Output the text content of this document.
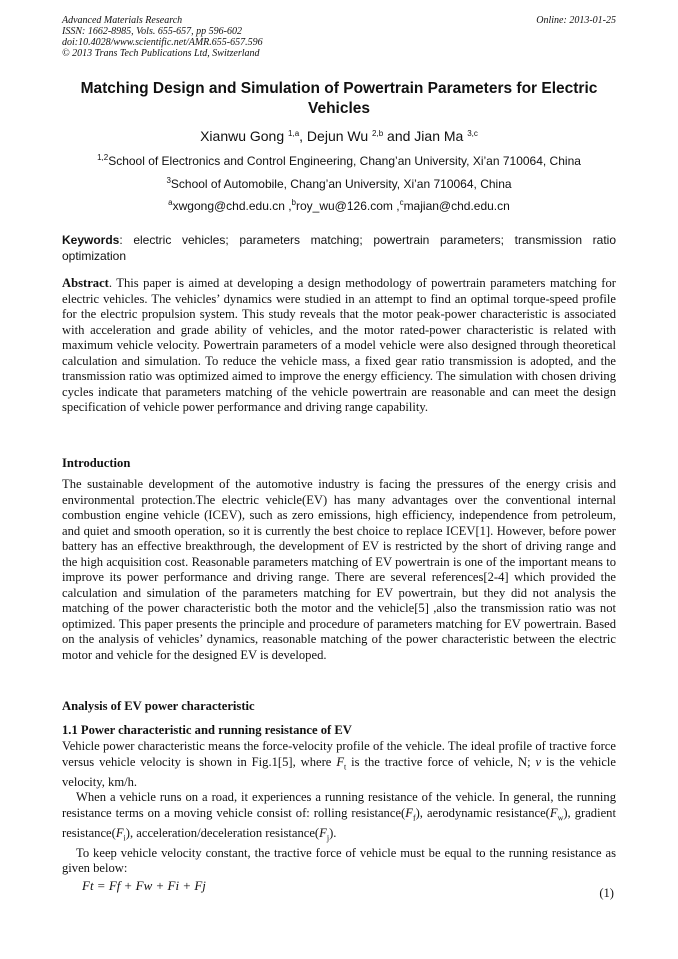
Advanced Materials Research
ISSN: 1662-8985, Vols. 655-657, pp 596-602
doi:10.4028/www.scientific.net/AMR.655-657.596
© 2013 Trans Tech Publications Ltd, Switzerland
Online: 2013-01-25
Matching Design and Simulation of Powertrain Parameters for Electric Vehicles
Xianwu Gong $^{1,a}$, Dejun Wu $^{2,b}$ and Jian Ma $^{3,c}$
$^{1,2}$School of Electronics and Control Engineering, Chang’an University, Xi’an 710064, China
$^3$School of Automobile, Chang’an University, Xi’an 710064, China
$^a$xwgong@chd.edu.cn ,$^b$roy_wu@126.com ,$^c$majian@chd.edu.cn
Keywords: electric vehicles; parameters matching; powertrain parameters; transmission ratio optimization

Abstract. This paper is aimed at developing a design methodology of powertrain parameters matching for electric vehicles. The vehicles’ dynamics were studied in an attempt to find an optimal torque-speed profile for the electric propulsion system. This study reveals that the motor peak-power characteristic is associated with acceleration and grade ability of vehicles, and the motor rated-power characteristic is related with maximum vehicle velocity. Powertrain parameters of a model vehicle were also designed through theoretical calculation and simulation. To reduce the vehicle mass, a fixed gear ratio transmission is adopted, and the transmission ratio was optimized aimed to improve the energy efficiency. The simulation with chosen driving cycles indicate that parameters matching of the vehicle powertrain are reasonable and can meet the design specification of vehicle power performance and driving range capability.

Introduction

The sustainable development of the automotive industry is facing the pressures of the energy crisis and environmental protection.The electric vehicle(EV) has many advantages over the conventional internal combustion engine vehicle (ICEV), such as zero emissions, high efficiency, independence from petroleum, and quiet and smooth operation, so it is currently the best choice to replace ICEV[1]. However, before power battery has an effective breakthrough, the development of EV is restricted by the short of driving range and the high acquisition cost. Reasonable parameters matching of EV powertrain is one of the important means to improve its power performance and driving range. There are several references[2-4] which provided the calculation and simulation of the parameters matching for EV powertrain, but they did not analysis the matching of the power characteristic both the motor and the vehicle[5] ,also the transmission ratio was not optimized. This paper presents the principle and procedure of parameters matching for EV powertrain. Based on the analysis of vehicles’ dynamics, reasonable matching of the power characteristic between the electric motor and vehicle for the designed EV is developed.

Analysis of EV power characteristic
1.1 Power characteristic and running resistance of EV

Vehicle power characteristic means the force-velocity profile of the vehicle. The ideal profile of tractive force versus vehicle velocity is shown in Fig.1[5], where $F_t$ is the tractive force of vehicle, N; v is the vehicle velocity, km/h.

When a vehicle runs on a road, it experiences a running resistance of the vehicle. In general, the running resistance terms on a moving vehicle consist of: rolling $resistance(F_f)$, aerodynamic $resistance(F_w)$, gradient $resistance(F_i)$, acceleration/deceleration $resistance(F_j)$.

To keep vehicle velocity constant, the tractive force of vehicle must be equal to the running resistance as given below:

Ft = Ff + Fw + Fi + Fj	(1)
